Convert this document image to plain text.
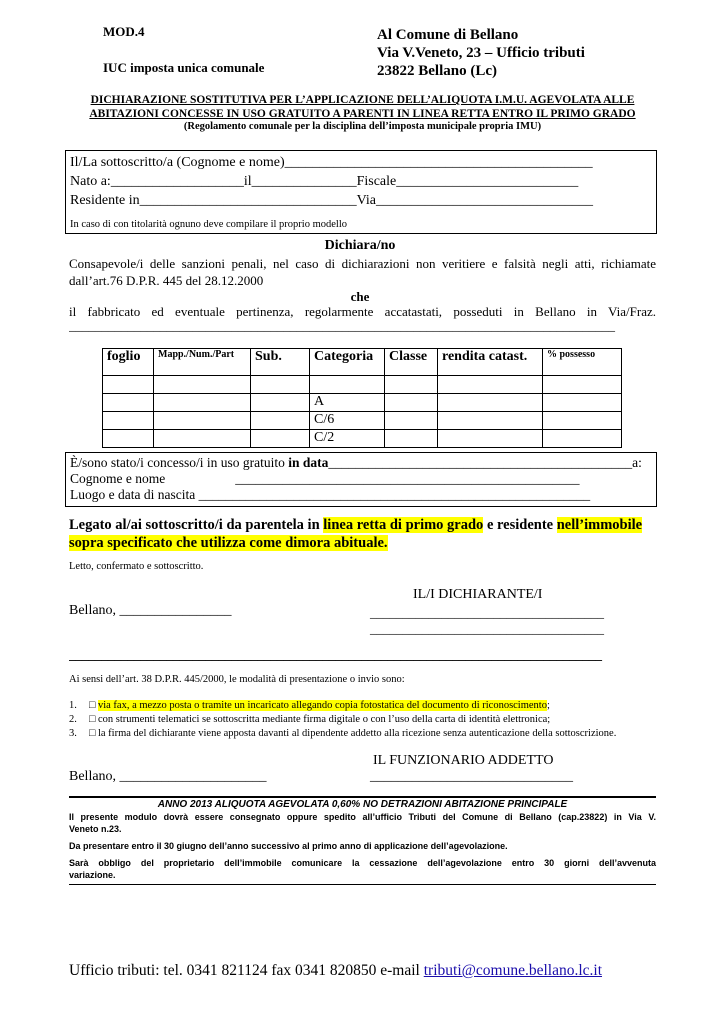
MOD.4
IUC imposta unica comunale
Al Comune di Bellano
Via V.Veneto, 23 – Ufficio tributi
23822 Bellano (Lc)
DICHIARAZIONE SOSTITUTIVA PER L’APPLICAZIONE DELL’ALIQUOTA I.M.U. AGEVOLATA ALLE
ABITAZIONI CONCESSE IN USO GRATUITO A PARENTI IN LINEA RETTA ENTRO IL PRIMO GRADO
(Regolamento comunale per la disciplina dell’imposta municipale propria IMU)
Il/La sottoscritto/a (Cognome e nome)____________________________________________
Nato a:___________________il_______________Fiscale__________________________
Residente in_______________________________Via_______________________________
In caso di con titolarità ognuno deve compilare il proprio modello
Dichiara/no
Consapevole/i delle sanzioni penali, nel caso di dichiarazioni non veritiere e falsità negli atti, richiamate
dall’art.76 D.P.R. 445 del 28.12.2000
che
il fabbricato ed eventuale pertinenza, regolarmente accatastati, posseduti in Bellano in Via/Fraz.
____________________________________________________________________________________
foglio	Mapp./Num./Part	Sub.	Categoria	Classe	rendita catast.	% possesso

			A			
			C/6			
			C/2			
È/sono stato/i concesso/i in uso gratuito in data_____________________________________________a:
Cognome e nome	___________________________________________________
Luogo e data di nascita __________________________________________________________
Legato al/ai sottoscritto/i da parentela in linea retta di primo grado e residente nell’immobile
sopra specificato che utilizza come dimora abituale.
Letto, confermato e sottoscritto.
IL/I DICHIARANTE/I
Bellano, ________________	____________________________________
____________________________________
__________________________________________________________________________________
Ai sensi dell’art. 38 D.P.R. 445/2000, le modalità di presentazione o invio sono:
1. □ via fax, a mezzo posta o tramite un incaricato allegando copia fotostatica del documento di riconoscimento;
2. □ con strumenti telematici se sottoscritta mediante firma digitale o con l’uso della carta di identità elettronica;
3. □ la firma del dichiarante viene apposta davanti al dipendente addetto alla ricezione senza autenticazione della sottoscrizione.
IL FUNZIONARIO ADDETTO
Bellano, _____________________	_____________________________
ANNO 2013 ALIQUOTA AGEVOLATA 0,60% NO DETRAZIONI ABITAZIONE PRINCIPALE
Il presente modulo dovrà essere consegnato oppure spedito all’ufficio Tributi del Comune di Bellano (cap.23822) in Via V.
Veneto n.23.
Da presentare entro il 30 giugno dell’anno successivo al primo anno di applicazione dell’agevolazione.
Sarà obbligo del proprietario dell’immobile comunicare la cessazione dell’agevolazione entro 30 giorni dell’avvenuta
variazione.
Ufficio tributi: tel. 0341 821124 fax 0341 820850 e-mail tributi@comune.bellano.lc.it
